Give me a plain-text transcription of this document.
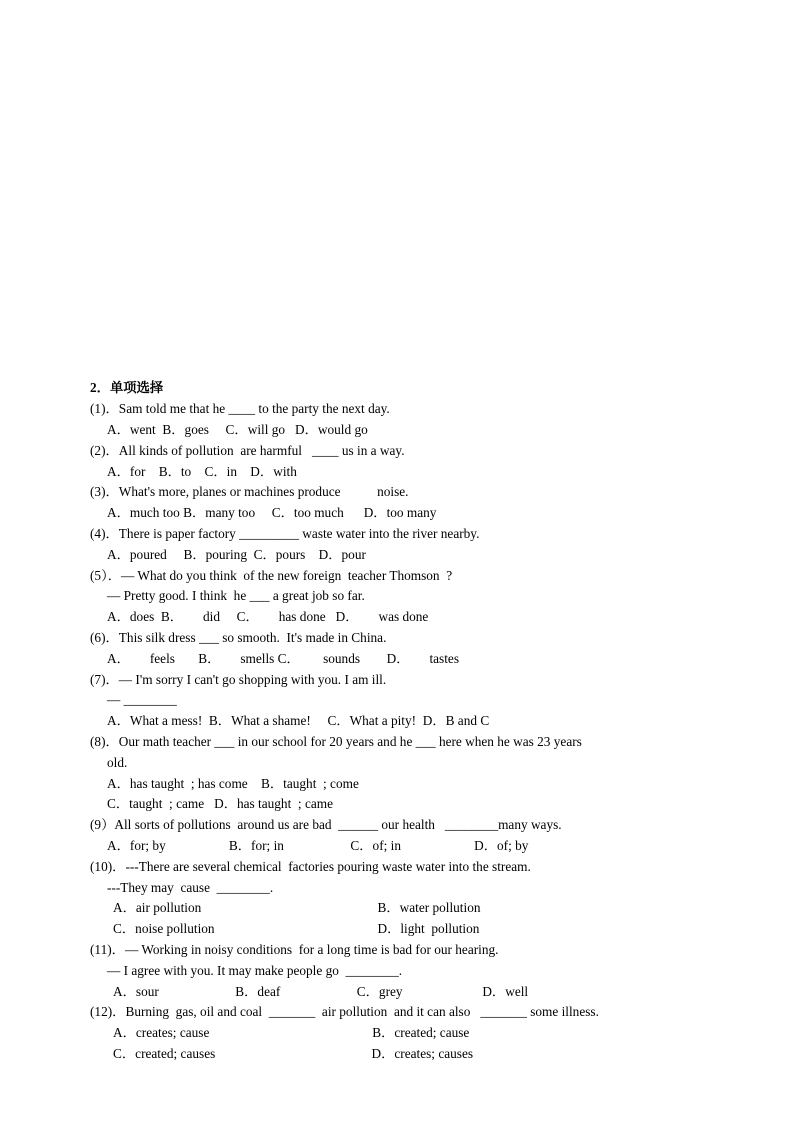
2．单项选择
(1)．Sam told me that he ____ to the party the next day.
A．went  B．goes     C．will go   D．would go
(2)．All kinds of pollution  are harmful   ____ us in a way.
A．for    B．to    C．in    D．with
(3)．What's more, planes or machines produce           noise.
A．much too B．many too     C．too much      D．too many
(4)．There is paper factory _________ waste water into the river nearby.
A．poured     B．pouring  C．pours    D．pour
(5）．— What do you think  of the new foreign  teacher Thomson  ?
— Pretty good. I think  he ___ a great job so far.
A．does  B．      did     C．      has done   D．      was done
(6)．This silk dress ___ so smooth.  It's made in China.
A．      feels       B．      smells C．       sounds        D．      tastes
(7)．— I'm sorry I can't go shopping with you. I am ill.
— ________
A．What a mess!  B．What a shame!     C．What a pity!  D．B and C
(8)．Our math teacher ___ in our school for 20 years and he ___ here when he was 23 years
old.
A．has taught  ; has come    B．taught  ; come
C．taught  ; came   D．has taught  ; came
(9）All sorts of pollutions  around us are bad  ______ our health   ________many ways.
A．for; by                   B．for; in                    C．of; in                      D．of; by
(10)．---There are several chemical  factories pouring waste water into the stream.
---They may  cause  ________.
A．air pollution                                                     B．water pollution
C．noise pollution                                                 D．light  pollution
(11)．— Working in noisy conditions  for a long time is bad for our hearing.
— I agree with you. It may make people go  ________.
A．sour                       B．deaf                       C．grey                        D．well
(12)．Burning  gas, oil and coal  _______  air pollution  and it can also   _______ some illness.
A．creates; cause                                                 B．created; cause
C．created; causes                                               D．creates; causes
